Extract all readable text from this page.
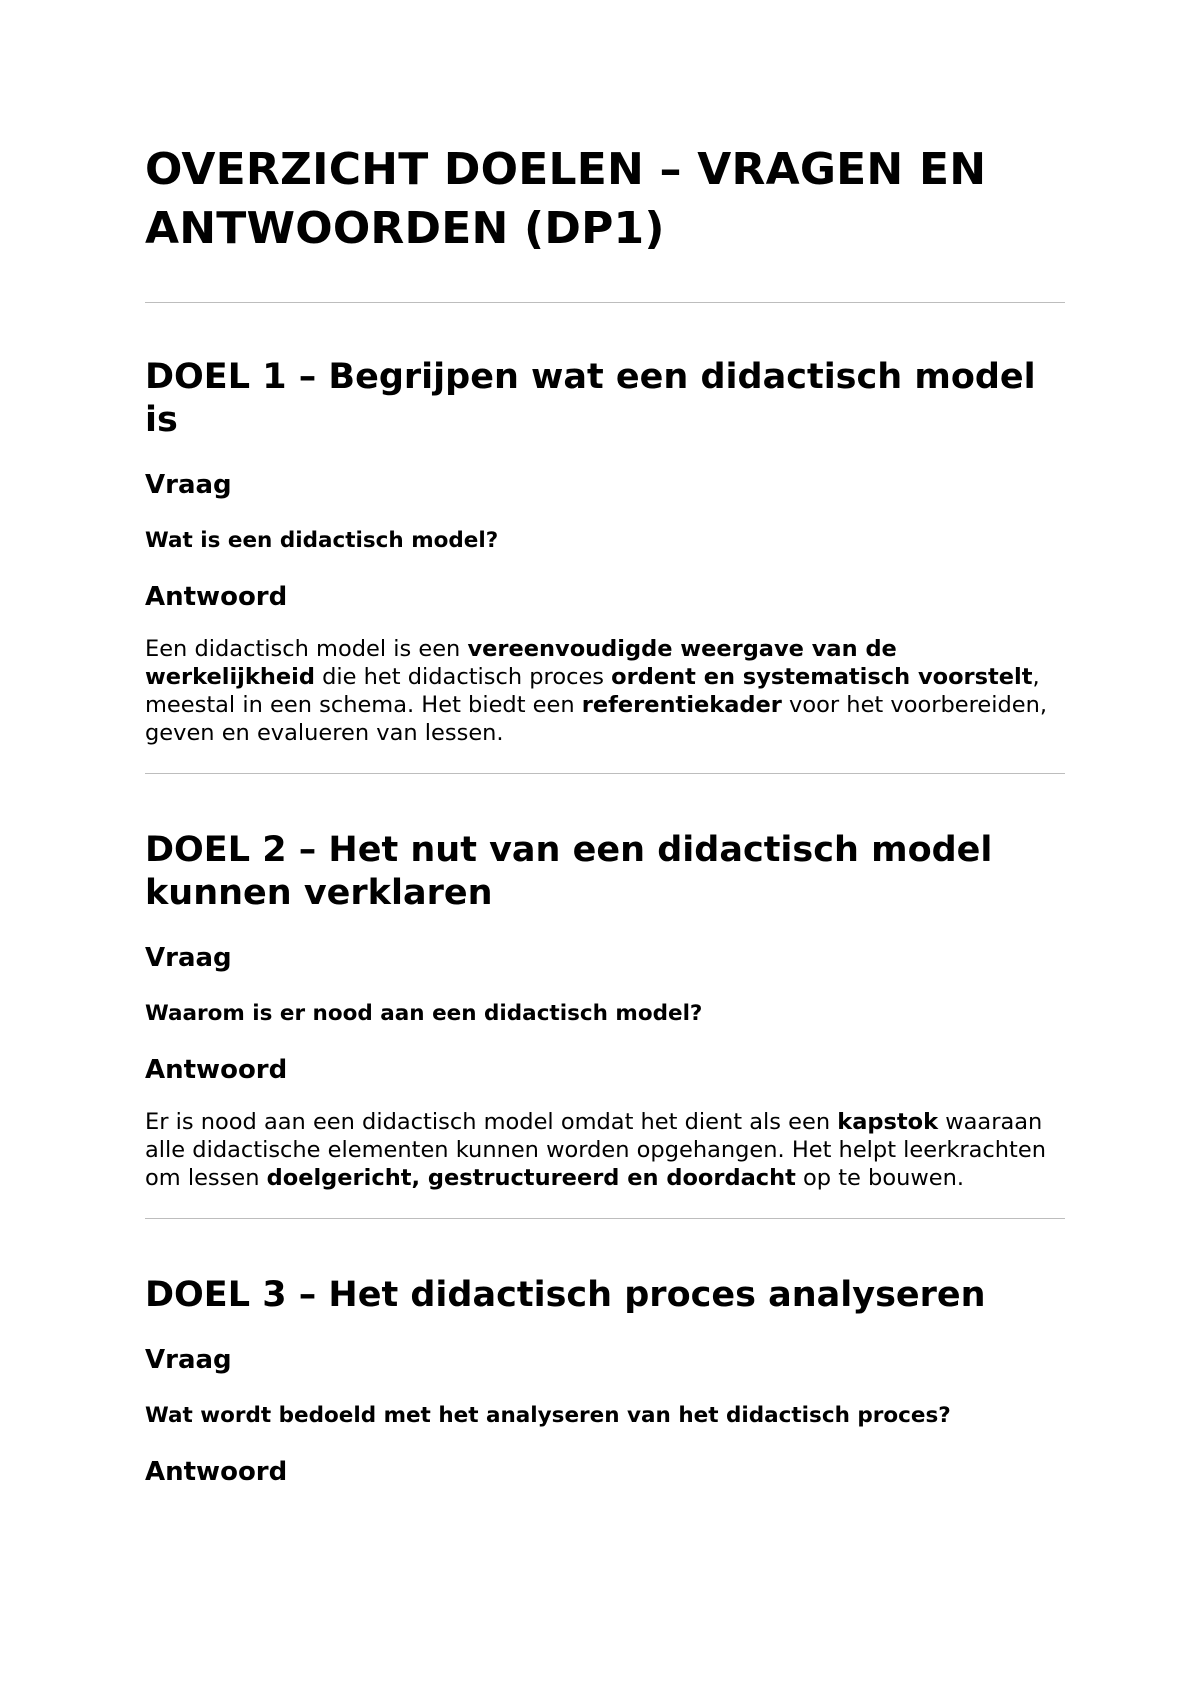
OVERZICHT DOELEN – VRAGEN EN ANTWOORDEN (DP1)
DOEL 1 – Begrijpen wat een didactisch model is
Vraag

Wat is een didactisch model?

Antwoord

Een didactisch model is een vereenvoudigde weergave van de werkelijkheid die het didactisch proces ordent en systematisch voorstelt, meestal in een schema. Het biedt een referentiekader voor het voorbereiden, geven en evalueren van lessen.

DOEL 2 – Het nut van een didactisch model kunnen verklaren
Vraag

Waarom is er nood aan een didactisch model?

Antwoord

Er is nood aan een didactisch model omdat het dient als een kapstok waaraan alle didactische elementen kunnen worden opgehangen. Het helpt leerkrachten om lessen doelgericht, gestructureerd en doordacht op te bouwen.

DOEL 3 – Het didactisch proces analyseren
Vraag

Wat wordt bedoeld met het analyseren van het didactisch proces?

Antwoord
